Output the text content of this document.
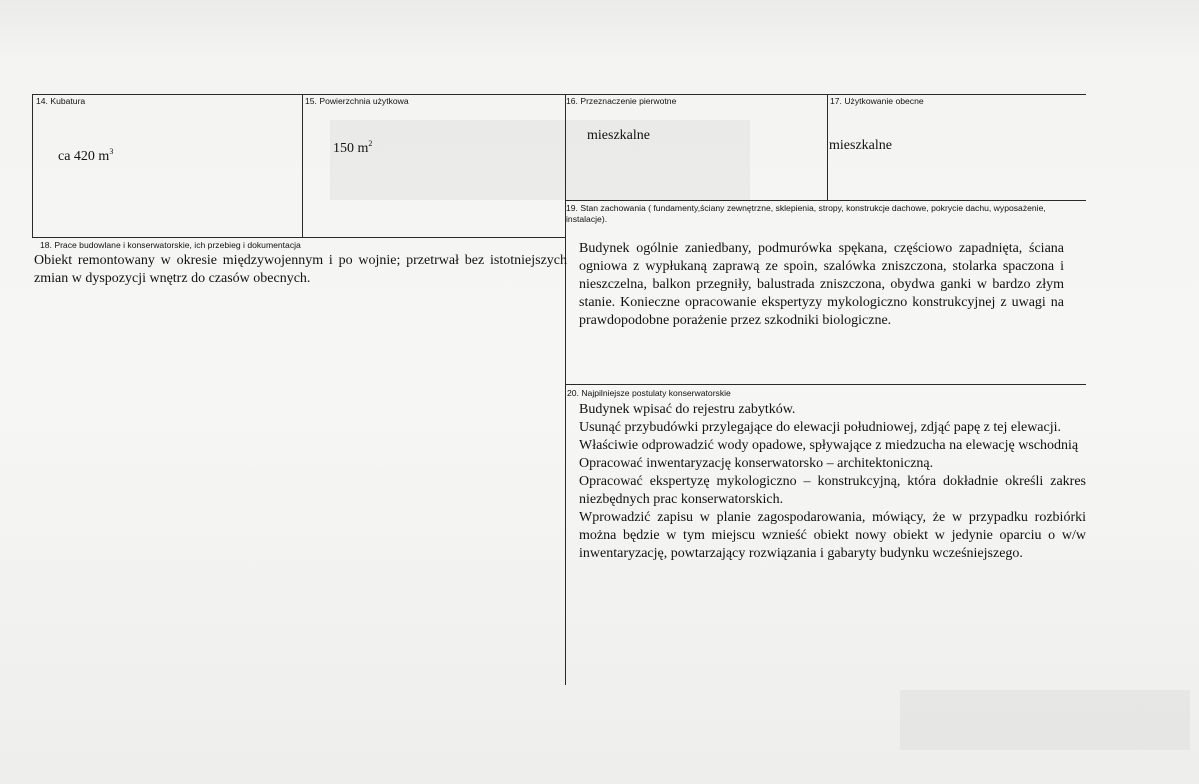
14. Kubatura
ca 420 $m^3$
15. Powierzchnia użytkowa
150 $m^2$
16. Przeznaczenie pierwotne
mieszkalne
17. Użytkowanie obecne
mieszkalne
19. Stan zachowania ( fundamenty,ściany zewnętrzne, sklepienia, stropy, konstrukcje dachowe, pokrycie dachu, wyposażenie, instalacje).

Budynek ogólnie zaniedbany, podmurówka spękana, częściowo zapadnięta, ściana ogniowa z wypłukaną zaprawą ze spoin, szalówka zniszczona, stolarka spaczona i nieszczelna, balkon przegniły, balustrada zniszczona, obydwa ganki w bardzo złym stanie. Konieczne opracowanie ekspertyzy mykologiczno konstrukcyjnej z uwagi na prawdopodobne porażenie przez szkodniki biologiczne.

18. Prace budowlane i konserwatorskie, ich przebieg i dokumentacja

Obiekt remontowany w okresie międzywojennym i po wojnie; przetrwał bez istotniejszych zmian w dyspozycji wnętrz do czasów obecnych.

20. Najpilniejsze postulaty konserwatorskie

Budynek wpisać do rejestru zabytków.

Usunąć przybudówki przylegające do elewacji południowej, zdjąć papę z tej elewacji.

Właściwie odprowadzić wody opadowe, spływające z miedzucha na elewację wschodnią

Opracować inwentaryzację konserwatorsko – architektoniczną.

Opracować ekspertyzę mykologiczno – konstrukcyjną, która dokładnie określi zakres niezbędnych prac konserwatorskich.

Wprowadzić zapisu w planie zagospodarowania, mówiący, że w przypadku rozbiórki można będzie w tym miejscu wznieść obiekt nowy obiekt w jedynie oparciu o w/w inwentaryzację, powtarzający rozwiązania i gabaryty budynku wcześniejszego.
